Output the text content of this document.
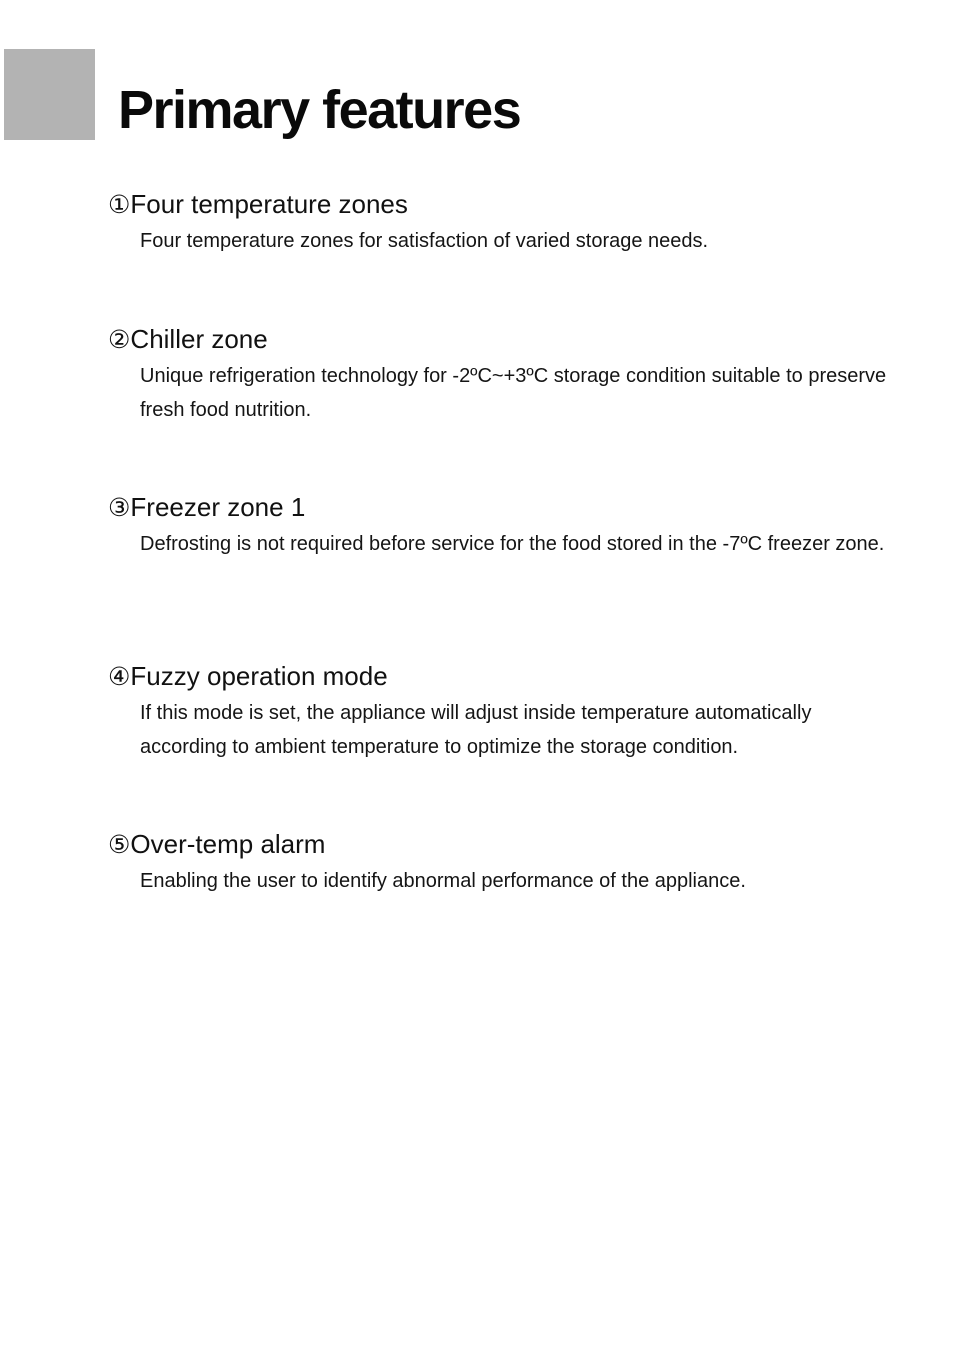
Primary features
①Four temperature zones

Four temperature zones for satisfaction of varied storage needs.

②Chiller zone

Unique refrigeration technology for -2ºC~+3ºC storage condition suitable to preserve fresh food nutrition.

③Freezer zone 1

Defrosting is not required before service for the food stored in the -7ºC freezer zone.

④Fuzzy operation mode

If this mode is set, the appliance will adjust inside temperature automatically according to ambient temperature to optimize the storage condition.

⑤Over-temp alarm

Enabling the user to identify abnormal performance of the appliance.
